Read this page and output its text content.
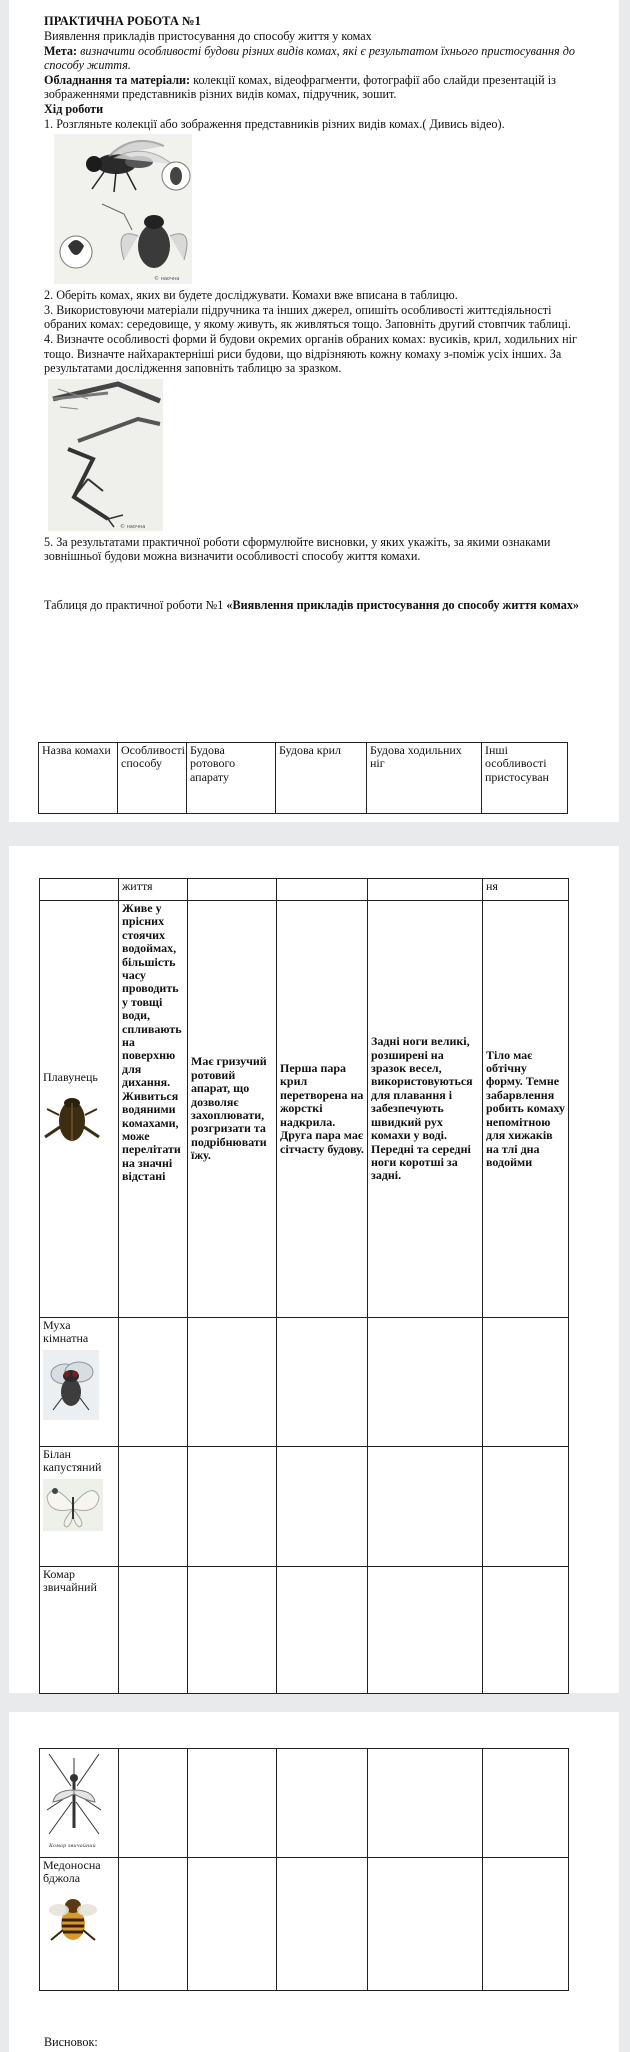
ПРАКТИЧНА РОБОТА №1

Виявлення прикладів пристосування до способу життя у комах

Мета: визначити особливості будови різних видів комах, які є результатом їхнього пристосування до способу життя.

Обладнання та матеріали: колекції комах, відеофрагменти, фотографії або слайди презентацій із зображеннями представників різних видів комах, підручник, зошит.

Хід роботи

1. Розгляньте колекції або зображення представників різних видів комах.( Дивись відео).

© наочна

2. Оберіть комах, яких ви будете досліджувати. Комахи вже вписана в таблицю.

3. Використовуючи матеріали підручника та інших джерел, опишіть особливості життєдіяльності обраних комах: середовище, у якому живуть, як живляться тощо. Заповніть другий стовпчик таблиці.

4. Визначте особливості форми й будови окремих органів обраних комах: вусиків, крил, ходильних ніг тощо. Визначте найхарактерніші риси будови, що відрізняють кожну комаху з-поміж усіх інших. За результатами дослідження заповніть таблицю за зразком.

© наочна

5. За результатами практичної роботи сформулюйте висновки, у яких укажіть, за якими ознаками зовнішньої будови можна визначити особливості способу життя комахи.

Таблиця до практичної роботи №1 «Виявлення прикладів пристосування до способу життя комах»

Назва комахи	Особливості способу	Будова ротового апарату	Будова крил	Будова ходильних ніг	Інші особливості пристосуван
	життя				ня
Плавунець	Живе у прісних стоячих водоймах, більшість часу проводить у товщі води, спливають на поверхню для дихання. Живиться водяними комахами, може перелітати на значні відстані	Має гризучий ротовий апарат, що дозволяє захоплювати, розгризати та подрібнювати їжу.	Перша пара крил перетворена на жорсткі надкрила. Друга пара має сітчасту будову.	Задні ноги великі, розширені на зразок весел, використовуються для плавання і забезпечують швидкий рух комахи у воді. Передні та середні ноги коротші за задні.	Тіло має обтічну форму. Темне забарвлення робить комаху непомітною для хижаків на тлі дна водойми
Муха кімнатна

Білан капустяний

Комар звичайний					
Комар звичайний					

Медоносна бджола

Висновок:
